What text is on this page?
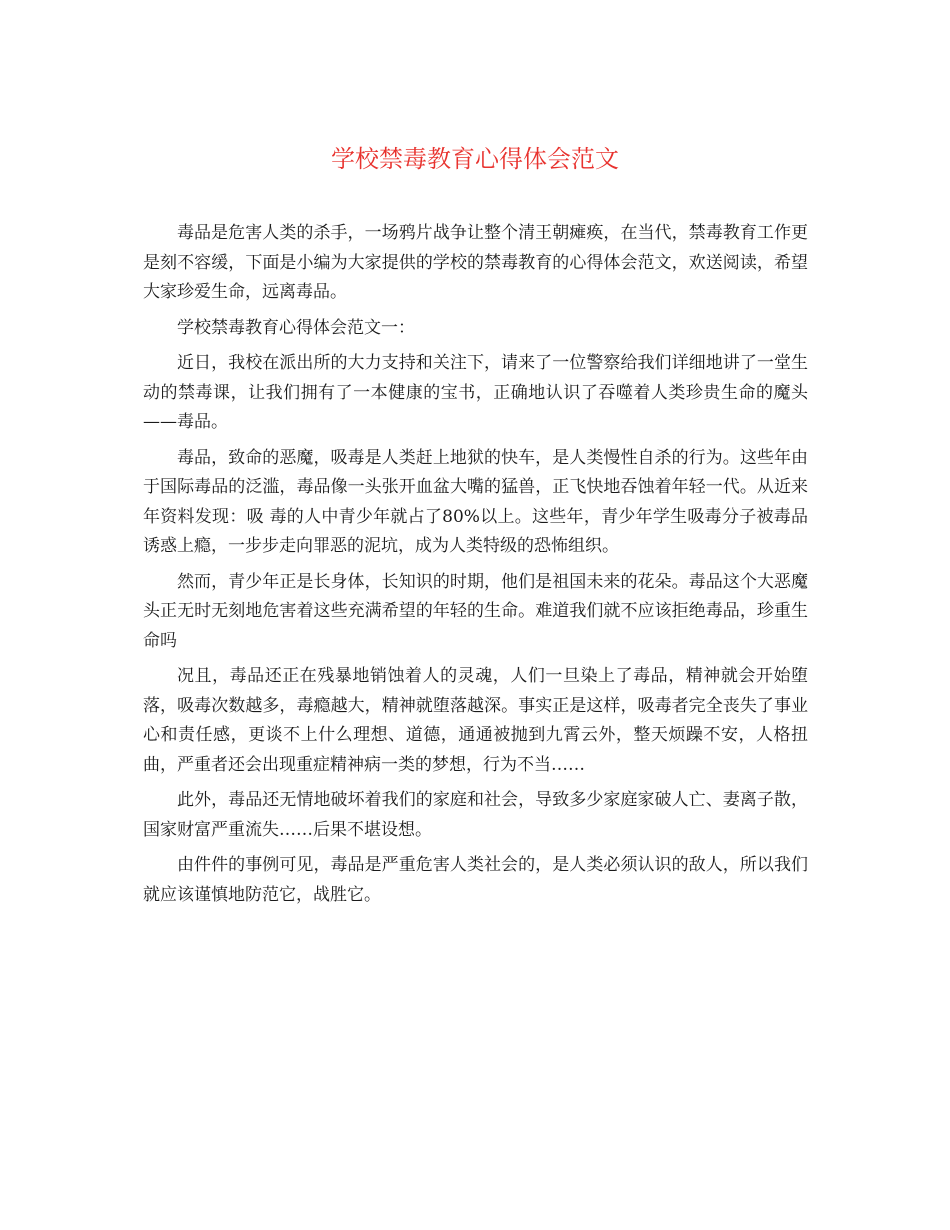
学校禁毒教育心得体会范文

毒品是危害人类的杀手，一场鸦片战争让整个清王朝瘫痪，在当代，禁毒教育工作更是刻不容缓，下面是小编为大家提供的学校的禁毒教育的心得体会范文，欢送阅读，希望大家珍爱生命，远离毒品。

学校禁毒教育心得体会范文一：

近日，我校在派出所的大力支持和关注下，请来了一位警察给我们详细地讲了一堂生动的禁毒课，让我们拥有了一本健康的宝书，正确地认识了吞噬着人类珍贵生命的魔头——毒品。

毒品，致命的恶魔，吸毒是人类赶上地狱的快车，是人类慢性自杀的行为。这些年由于国际毒品的泛滥，毒品像一头张开血盆大嘴的猛兽，正飞快地吞蚀着年轻一代。从近来年资料发现：吸 毒的人中青少年就占了80%以上。这些年，青少年学生吸毒分子被毒品诱惑上瘾，一步步走向罪恶的泥坑，成为人类特级的恐怖组织。

然而，青少年正是长身体，长知识的时期，他们是祖国未来的花朵。毒品这个大恶魔头正无时无刻地危害着这些充满希望的年轻的生命。难道我们就不应该拒绝毒品，珍重生命吗

况且，毒品还正在残暴地销蚀着人的灵魂，人们一旦染上了毒品，精神就会开始堕落，吸毒次数越多，毒瘾越大，精神就堕落越深。事实正是这样，吸毒者完全丧失了事业心和责任感，更谈不上什么理想、道德，通通被抛到九霄云外，整天烦躁不安，人格扭曲，严重者还会出现重症精神病一类的梦想，行为不当……

此外，毒品还无情地破坏着我们的家庭和社会，导致多少家庭家破人亡、妻离子散，国家财富严重流失……后果不堪设想。

由件件的事例可见，毒品是严重危害人类社会的，是人类必须认识的敌人，所以我们就应该谨慎地防范它，战胜它。
